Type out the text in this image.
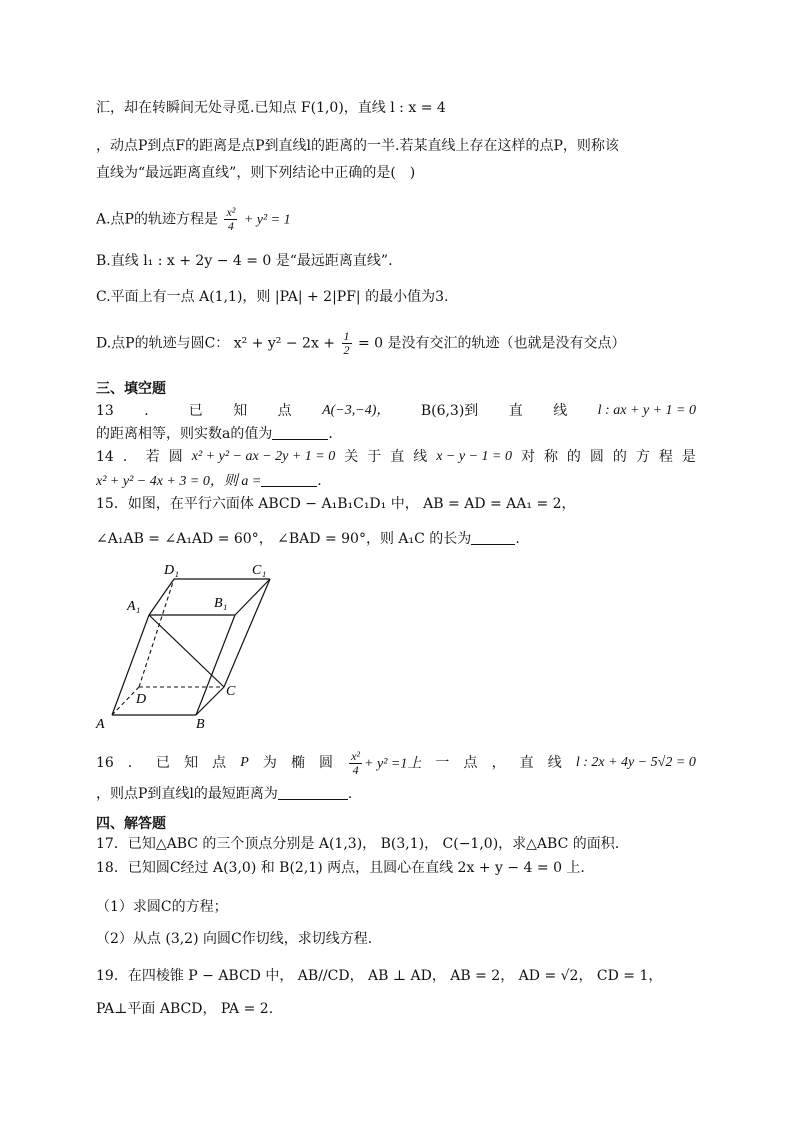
汇，却在转瞬间无处寻觅.已知点 F(1,0)，直线 l : x = 4
，动点P到点F的距离是点P到直线l的距离的一半.若某直线上存在这样的点P，则称该
直线为“最远距离直线”，则下列结论中正确的是(　)
A.点P的轨迹方程是 $\frac{\text{x²}}{4} + y^2 = 1$
B.直线 l₁ : x + 2y − 4 = 0 是“最远距离直线”.
C.平面上有一点 A(1,1)，则 |PA| + 2|PF| 的最小值为3.
D.点P的轨迹与圆C： $x^2 + y^2 - 2x + \frac{1}{2} = 0$ 是没有交汇的轨迹（也就是没有交点）
三、填空题
13 ． 已 知 点 A(−3,−4)， B(6,3)到 直 线 l : ax + y + 1 = 0
的距离相等，则实数a的值为	.
14 ． 若 圆 x² + y² − ax − 2y + 1 = 0 关 于 直 线 x − y − 1 = 0 对 称 的 圆 的 方 程 是
x² + y² − 4x + 3 = 0，则 a =	.
15．如图，在平行六面体 ABCD − A₁B₁C₁D₁ 中， AB = AD = AA₁ = 2，
∠A₁AB = ∠A₁AD = 60°， ∠BAD = 90°，则 A₁C 的长为	.
D₁	C₁
A₁	B₁
D
C
A	B
16 ． 已 知 点 P 为 椭 圆 $\frac{\text{x²}}{4} + y^2 =1$上 一 点 ， 直 线 l : 2x + 4y − 5√2 = 0
，则点P到直线l的最短距离为	.
四、解答题
17．已知△ABC 的三个顶点分别是 A(1,3)， B(3,1)， C(−1,0)，求△ABC 的面积.
18．已知圆C经过 A(3,0) 和 B(2,1) 两点，且圆心在直线 2x + y − 4 = 0 上.
（1）求圆C的方程；
（2）从点 (3,2) 向圆C作切线，求切线方程.
19．在四棱锥 P − ABCD 中， AB//CD， AB ⊥ AD， AB = 2， AD = √2， CD = 1，
PA⊥平面 ABCD， PA = 2.
